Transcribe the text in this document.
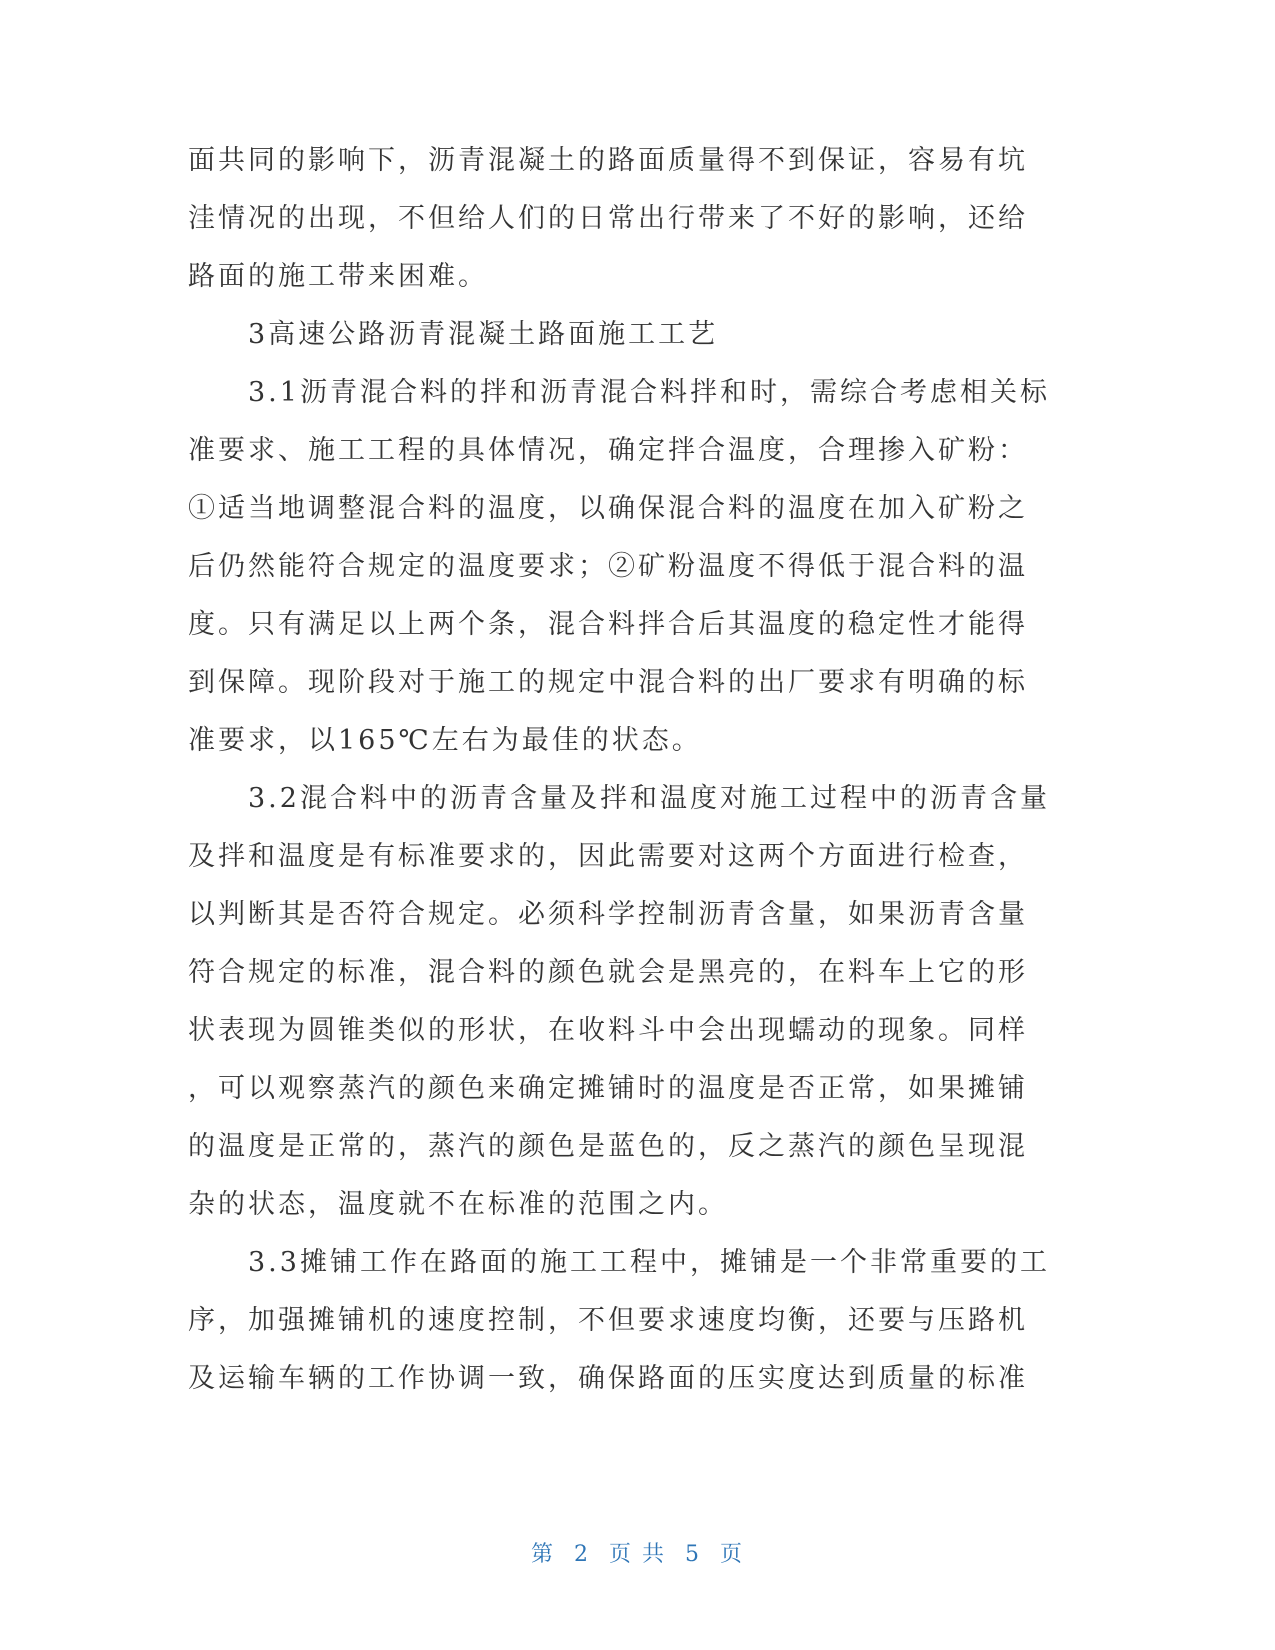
面共同的影响下，沥青混凝土的路面质量得不到保证，容易有坑
洼情况的出现，不但给人们的日常出行带来了不好的影响，还给
路面的施工带来困难。
3高速公路沥青混凝土路面施工工艺
3.1沥青混合料的拌和沥青混合料拌和时，需综合考虑相关标
准要求、施工工程的具体情况，确定拌合温度，合理掺入矿粉：
①适当地调整混合料的温度，以确保混合料的温度在加入矿粉之
后仍然能符合规定的温度要求；②矿粉温度不得低于混合料的温
度。只有满足以上两个条，混合料拌合后其温度的稳定性才能得
到保障。现阶段对于施工的规定中混合料的出厂要求有明确的标
准要求，以165℃左右为最佳的状态。
3.2混合料中的沥青含量及拌和温度对施工过程中的沥青含量
及拌和温度是有标准要求的，因此需要对这两个方面进行检查，
以判断其是否符合规定。必须科学控制沥青含量，如果沥青含量
符合规定的标准，混合料的颜色就会是黑亮的，在料车上它的形
状表现为圆锥类似的形状，在收料斗中会出现蠕动的现象。同样
，可以观察蒸汽的颜色来确定摊铺时的温度是否正常，如果摊铺
的温度是正常的，蒸汽的颜色是蓝色的，反之蒸汽的颜色呈现混
杂的状态，温度就不在标准的范围之内。
3.3摊铺工作在路面的施工工程中，摊铺是一个非常重要的工
序，加强摊铺机的速度控制，不但要求速度均衡，还要与压路机
及运输车辆的工作协调一致，确保路面的压实度达到质量的标准
第 2 页 共 5 页
